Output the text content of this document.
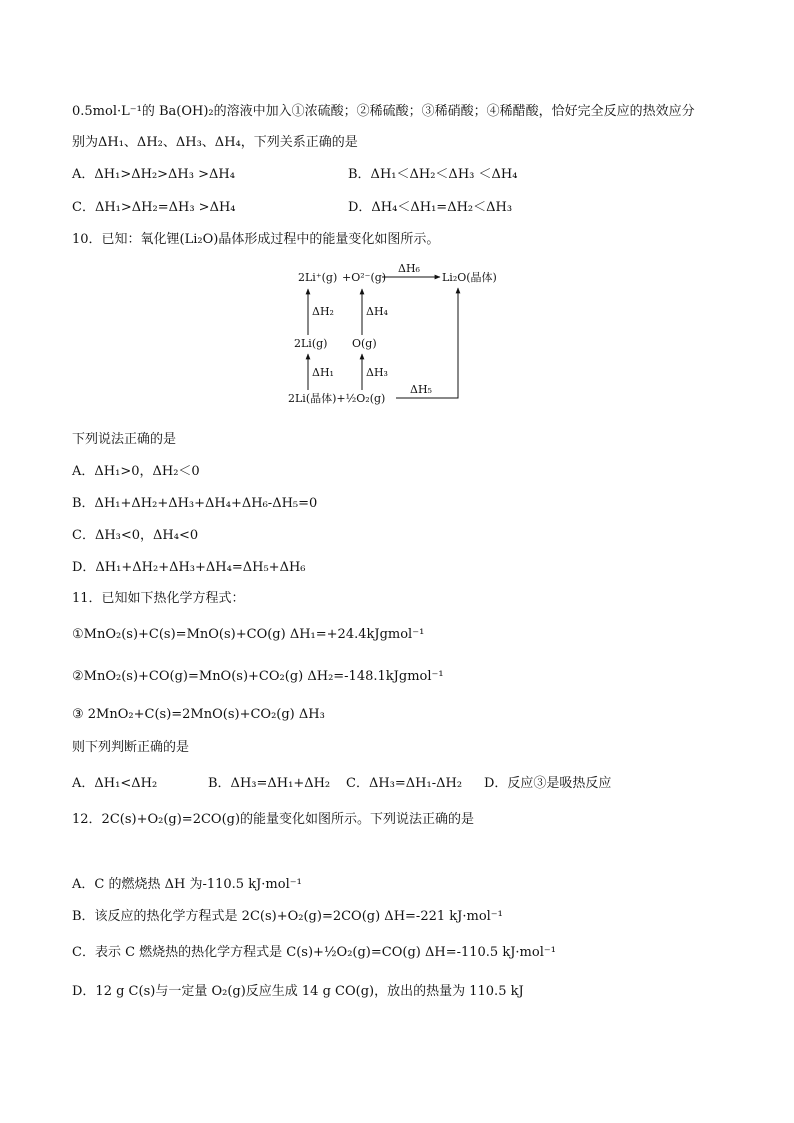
0.5mol·L⁻¹的 Ba(OH)₂的溶液中加入①浓硫酸；②稀硫酸；③稀硝酸；④稀醋酸，恰好完全反应的热效应分
别为ΔH₁、ΔH₂、ΔH₃、ΔH₄，下列关系正确的是
A．ΔH₁>ΔH₂>ΔH₃ >ΔH₄	B．ΔH₁＜ΔH₂＜ΔH₃ ＜ΔH₄
C．ΔH₁>ΔH₂=ΔH₃ >ΔH₄	D．ΔH₄＜ΔH₁=ΔH₂＜ΔH₃
10．已知：氧化锂(Li₂O)晶体形成过程中的能量变化如图所示。
2Li⁺(g) +O²⁻(g)
ΔH₆
Li₂O(晶体)
ΔH₂	ΔH₄
2Li(g) O(g)
ΔH₁	ΔH₃
2Li(晶体)+½O₂(g)
ΔH₅
下列说法正确的是
A．ΔH₁>0，ΔH₂＜0
B．ΔH₁+ΔH₂+ΔH₃+ΔH₄+ΔH₆-ΔH₅=0
C．ΔH₃<0，ΔH₄<0
D．ΔH₁+ΔH₂+ΔH₃+ΔH₄=ΔH₅+ΔH₆
11．已知如下热化学方程式：
①MnO₂(s)+C(s)=MnO(s)+CO(g) ΔH₁=+24.4kJgmol⁻¹
②MnO₂(s)+CO(g)=MnO(s)+CO₂(g) ΔH₂=-148.1kJgmol⁻¹
③ 2MnO₂+C(s)=2MnO(s)+CO₂(g) ΔH₃
则下列判断正确的是
A．ΔH₁<ΔH₂	B．ΔH₃=ΔH₁+ΔH₂ C．ΔH₃=ΔH₁-ΔH₂ D．反应③是吸热反应
12．2C(s)+O₂(g)=2CO(g)的能量变化如图所示。下列说法正确的是
A．C 的燃烧热 ΔH 为-110.5 kJ·mol⁻¹
B．该反应的热化学方程式是 2C(s)+O₂(g)=2CO(g) ΔH=-221 kJ·mol⁻¹
C．表示 C 燃烧热的热化学方程式是 C(s)+½O₂(g)=CO(g) ΔH=-110.5 kJ·mol⁻¹
D．12 g C(s)与一定量 O₂(g)反应生成 14 g CO(g)，放出的热量为 110.5 kJ
